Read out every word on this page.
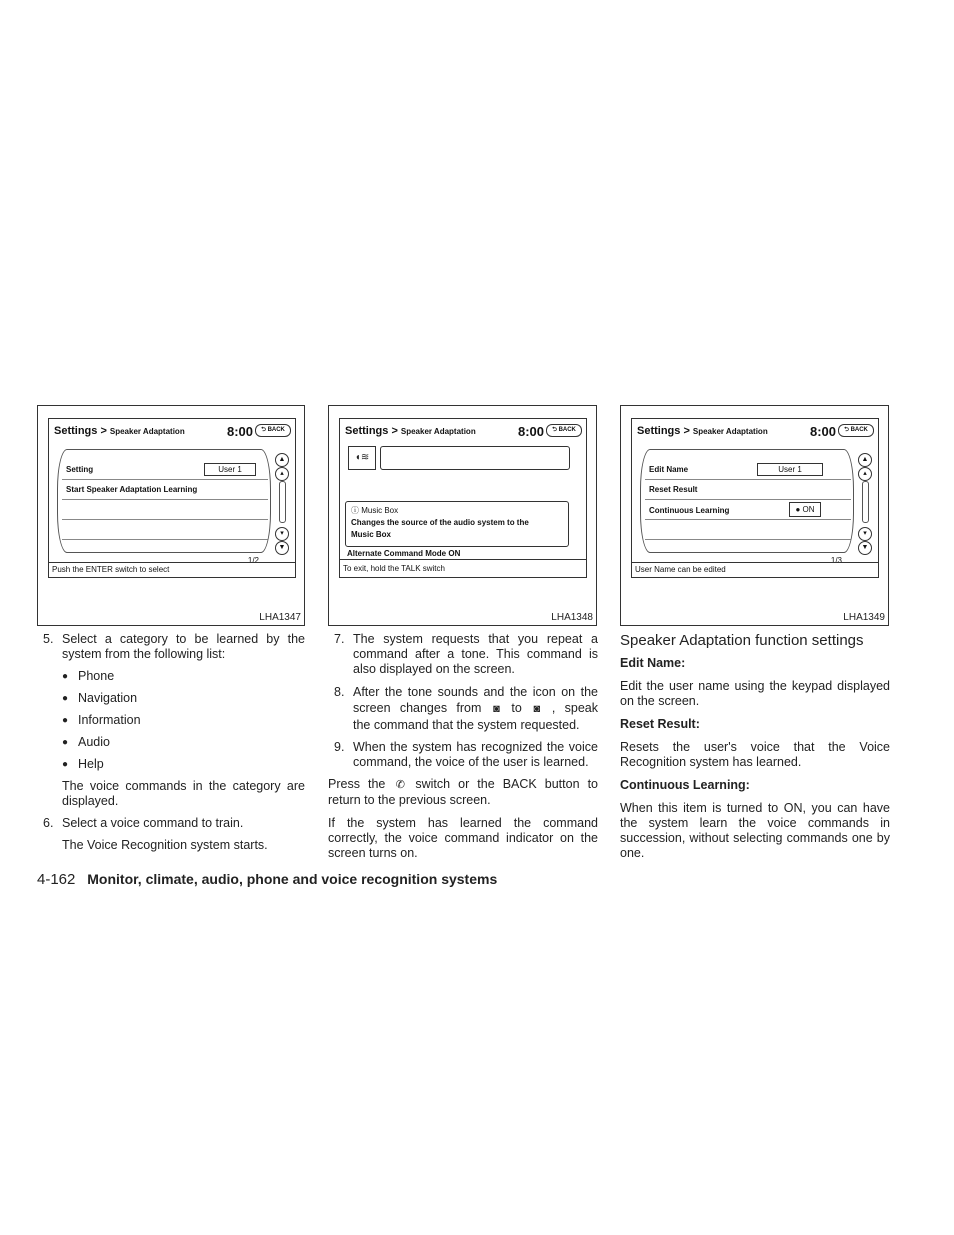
Settings > Speaker Adaptation	8:00	⮌ BACK
Setting	User 1
Start Speaker Adaptation Learning
▲
▴
▾
▼
1/2
Push the ENTER switch to select
LHA1347
Settings > Speaker Adaptation	8:00	⮌ BACK
◖≋
ⓘ Music Box
Changes the source of the audio system to the
Music Box
Alternate Command Mode ON
To exit, hold the TALK switch
LHA1348
Settings > Speaker Adaptation	8:00	⮌ BACK
Edit Name	User 1
Reset Result
Continuous Learning	● ON
▲
▴
▾
▼
1/3
User Name can be edited
LHA1349
5. Select a category to be learned by the system from the following list:
● Phone
● Navigation
● Information
● Audio
● Help
The voice commands in the category are displayed.
6. Select a voice command to train.
The Voice Recognition system starts.
7. The system requests that you repeat a command after a tone. This command is also displayed on the screen.
8. After the tone sounds and the icon on the screen changes from ◙ to ◙ , speak the command that the system requested.
9. When the system has recognized the voice command, the voice of the user is learned.
Press the ✆ switch or the BACK button to return to the previous screen.
If the system has learned the command correctly, the voice command indicator on the screen turns on.
Speaker Adaptation function settings
Edit Name:
Edit the user name using the keypad displayed on the screen.
Reset Result:
Resets the user's voice that the Voice Recognition system has learned.
Continuous Learning:
When this item is turned to ON, you can have the system learn the voice commands in succession, without selecting commands one by one.
4-162 Monitor, climate, audio, phone and voice recognition systems
